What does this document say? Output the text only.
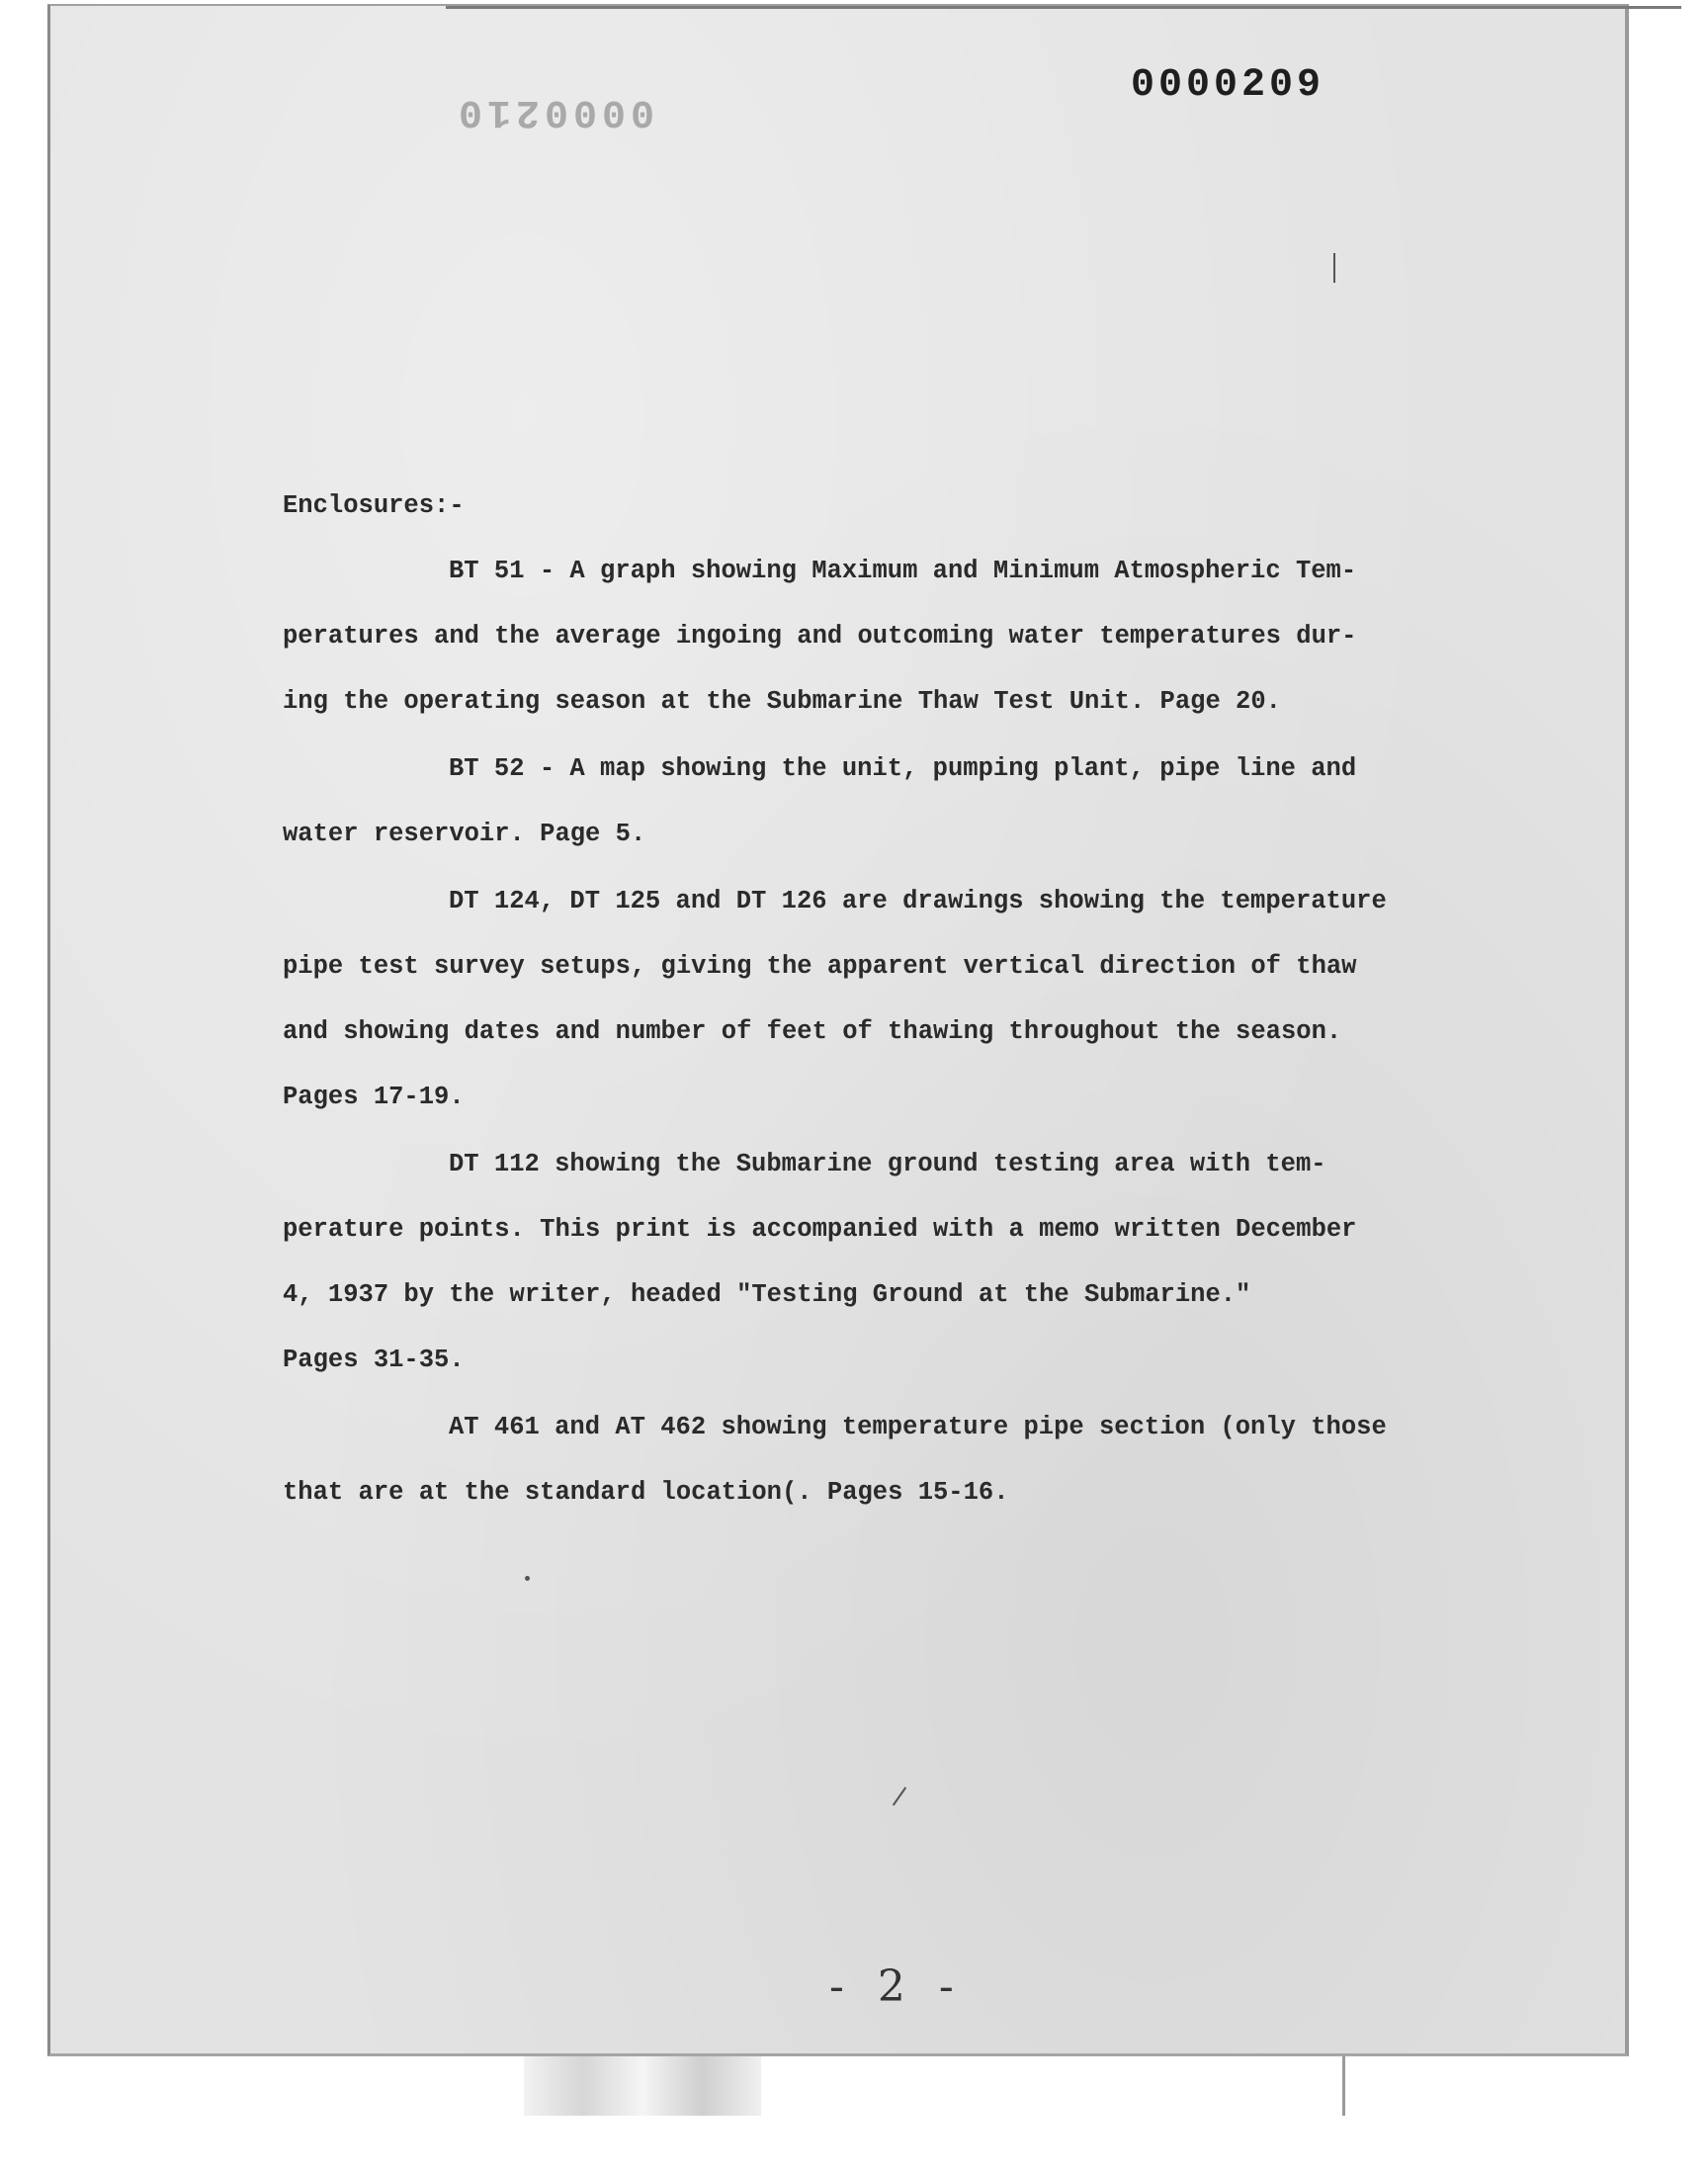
0000209
0000210

Enclosures:-

BT 51 - A graph showing Maximum and Minimum Atmospheric Tem-
peratures and the average ingoing and outcoming water temperatures dur-
ing the operating season at the Submarine Thaw Test Unit. Page 20.

BT 52 - A map showing the unit, pumping plant, pipe line and
water reservoir. Page 5.

DT 124, DT 125 and DT 126 are drawings showing the temperature
pipe test survey setups, giving the apparent vertical direction of thaw
and showing dates and number of feet of thawing throughout the season.
Pages 17-19.

DT 112 showing the Submarine ground testing area with tem-
perature points. This print is accompanied with a memo written December
4, 1937 by the writer, headed "Testing Ground at the Submarine."
Pages 31-35.

AT 461 and AT 462 showing temperature pipe section (only those
that are at the standard location(. Pages 15-16.

- 2 -
